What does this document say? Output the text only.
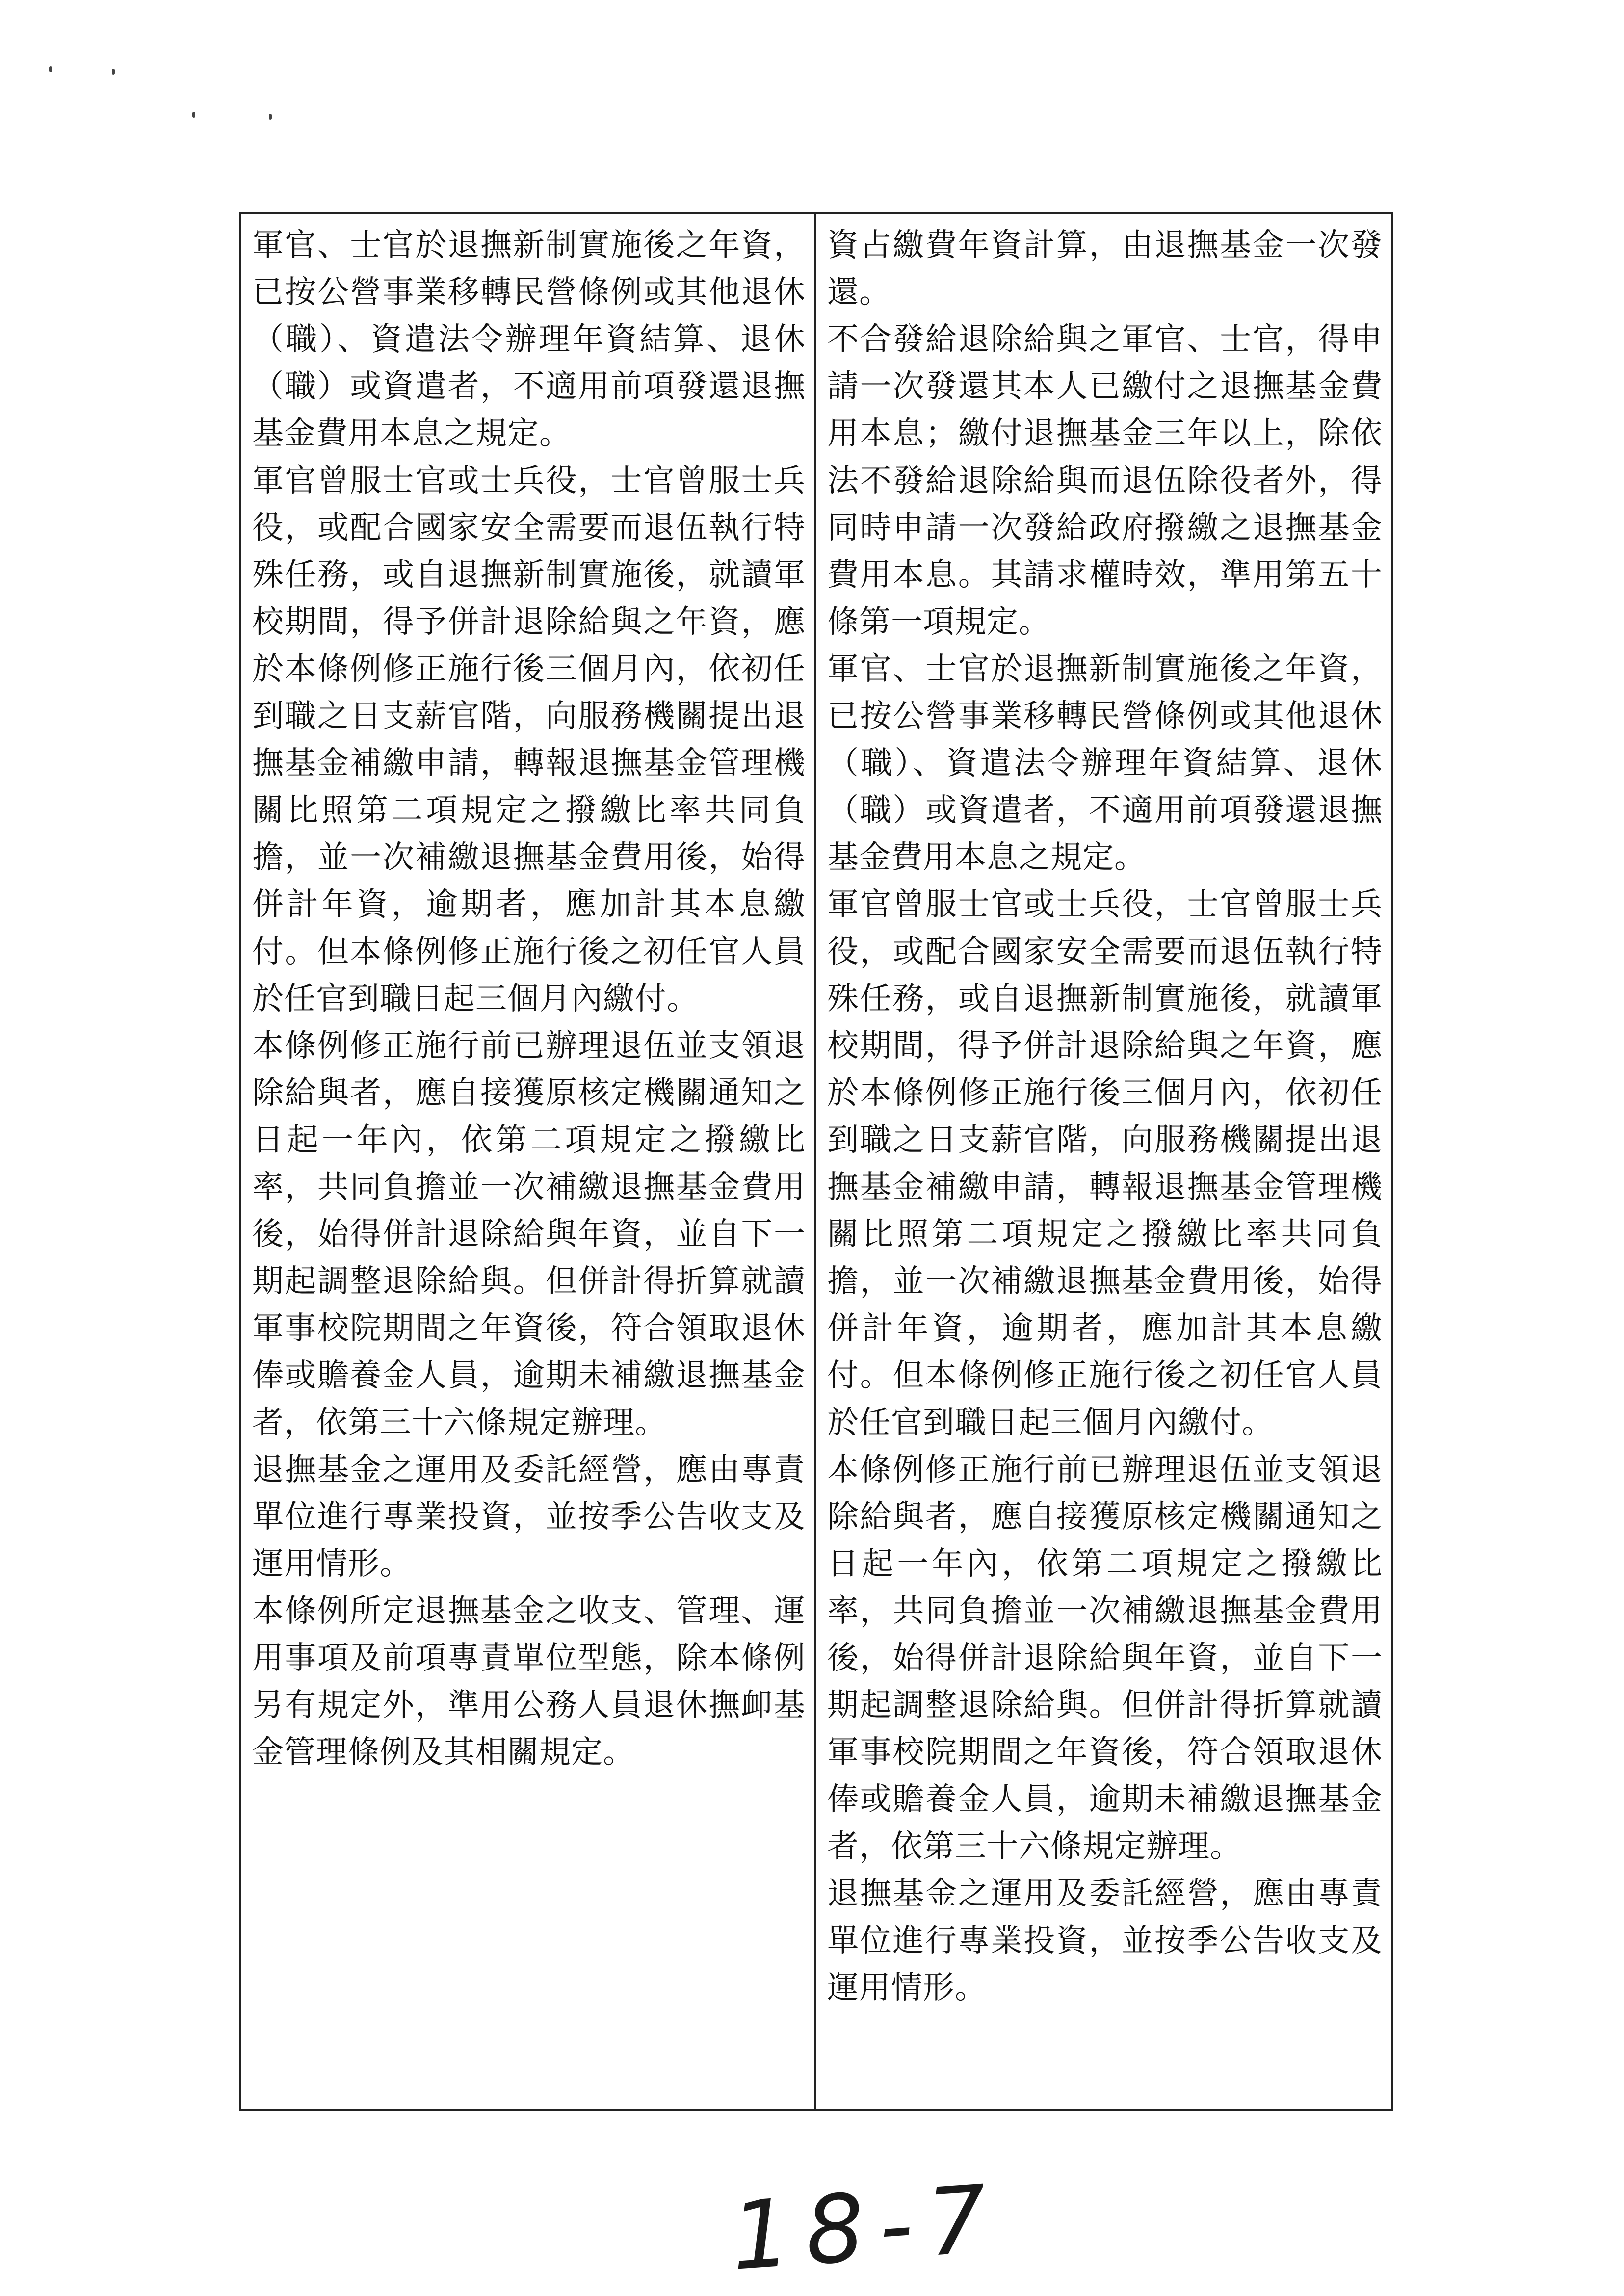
軍官、士官於退撫新制實施後之年資，已按公營事業移轉民營條例或其他退休（職）、資遣法令辦理年資結算、退休（職）或資遣者，不適用前項發還退撫基金費用本息之規定。

軍官曾服士官或士兵役，士官曾服士兵役，或配合國家安全需要而退伍執行特殊任務，或自退撫新制實施後，就讀軍校期間，得予併計退除給與之年資，應於本條例修正施行後三個月內，依初任到職之日支薪官階，向服務機關提出退撫基金補繳申請，轉報退撫基金管理機關比照第二項規定之撥繳比率共同負擔，並一次補繳退撫基金費用後，始得併計年資，逾期者，應加計其本息繳付。但本條例修正施行後之初任官人員於任官到職日起三個月內繳付。

本條例修正施行前已辦理退伍並支領退除給與者，應自接獲原核定機關通知之日起一年內，依第二項規定之撥繳比率，共同負擔並一次補繳退撫基金費用後，始得併計退除給與年資，並自下一期起調整退除給與。但併計得折算就讀軍事校院期間之年資後，符合領取退休俸或贍養金人員，逾期未補繳退撫基金者，依第三十六條規定辦理。

退撫基金之運用及委託經營，應由專責單位進行專業投資，並按季公告收支及運用情形。

本條例所定退撫基金之收支、管理、運用事項及前項專責單位型態，除本條例另有規定外，準用公務人員退休撫卹基金管理條例及其相關規定。

資占繳費年資計算，由退撫基金一次發還。

不合發給退除給與之軍官、士官，得申請一次發還其本人已繳付之退撫基金費用本息；繳付退撫基金三年以上，除依法不發給退除給與而退伍除役者外，得同時申請一次發給政府撥繳之退撫基金費用本息。其請求權時效，準用第五十條第一項規定。

軍官、士官於退撫新制實施後之年資，已按公營事業移轉民營條例或其他退休（職）、資遣法令辦理年資結算、退休（職）或資遣者，不適用前項發還退撫基金費用本息之規定。

軍官曾服士官或士兵役，士官曾服士兵役，或配合國家安全需要而退伍執行特殊任務，或自退撫新制實施後，就讀軍校期間，得予併計退除給與之年資，應於本條例修正施行後三個月內，依初任到職之日支薪官階，向服務機關提出退撫基金補繳申請，轉報退撫基金管理機關比照第二項規定之撥繳比率共同負擔，並一次補繳退撫基金費用後，始得併計年資，逾期者，應加計其本息繳付。但本條例修正施行後之初任官人員於任官到職日起三個月內繳付。

本條例修正施行前已辦理退伍並支領退除給與者，應自接獲原核定機關通知之日起一年內，依第二項規定之撥繳比率，共同負擔並一次補繳退撫基金費用後，始得併計退除給與年資，並自下一期起調整退除給與。但併計得折算就讀軍事校院期間之年資後，符合領取退休俸或贍養金人員，逾期未補繳退撫基金者，依第三十六條規定辦理。

退撫基金之運用及委託經營，應由專責單位進行專業投資，並按季公告收支及運用情形。

18-7
